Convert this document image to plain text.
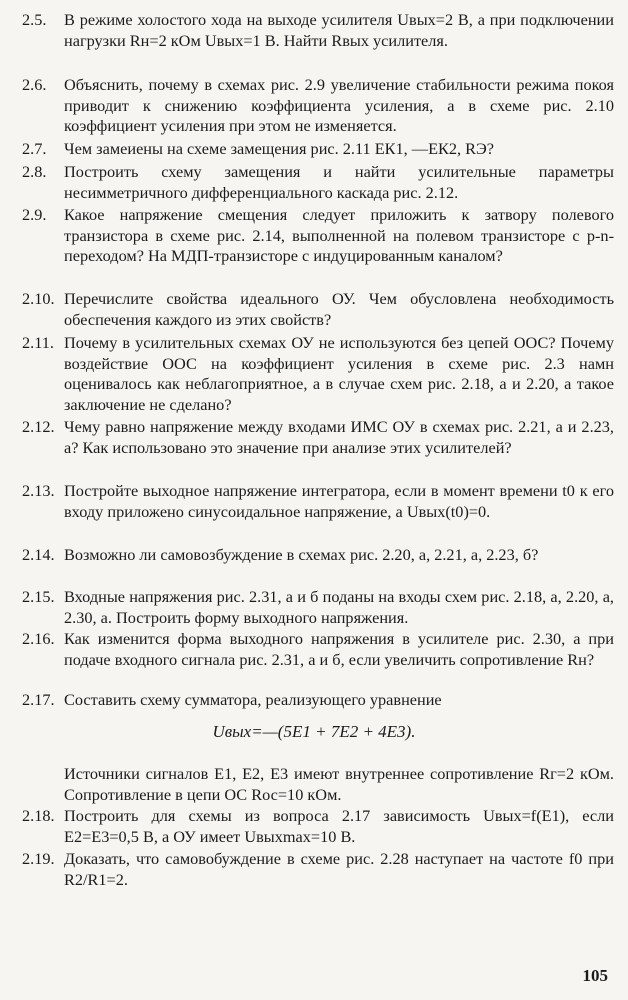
2.5.	В режиме холостого хода на выходе усилителя Uвых=2 В, а при подключении нагрузки Rн=2 кОм Uвых=1 В. Найти Rвых усилителя.
2.6.	Объяснить, почему в схемах рис. 2.9 увеличение стабильности режима покоя приводит к снижению коэффициента усиления, а в схеме рис. 2.10 коэффициент усиления при этом не изменяется.
2.7.	Чем замеиены на схеме замещения рис. 2.11 EК1, —EК2, RЭ?
2.8.	Построить схему замещения и найти усилительные параметры несимметричного дифференциального каскада рис. 2.12.
2.9.	Какое напряжение смещения следует приложить к затвору полевого транзистора в схеме рис. 2.14, выполненной на полевом транзисторе с p-n-переходом? На МДП-транзисторе с индуцированным каналом?
2.10. Перечислите свойства идеального ОУ. Чем обусловлена необходимость обеспечения каждого из этих свойств?
2.11. Почему в усилительных схемах ОУ не используются без цепей ООС? Почему воздействие ООС на коэффициент усиления в схеме рис. 2.3 намн оценивалось как неблагоприятное, а в случае схем рис. 2.18, а и 2.20, а такое заключение не сделано?
2.12. Чему равно напряжение между входами ИМС ОУ в схемах рис. 2.21, а и 2.23, а? Как использовано это значение при анализе этих усилителей?
2.13. Постройте выходное напряжение интегратора, если в момент времени t0 к его входу приложено синусоидальное напряжение, а Uвых(t0)=0.
2.14. Возможно ли самовозбуждение в схемах рис. 2.20, а, 2.21, а, 2.23, б?
2.15. Входные напряжения рис. 2.31, а и б поданы на входы схем рис. 2.18, а, 2.20, а, 2.30, а. Построить форму выходного напряжения.
2.16. Как изменится форма выходного напряжения в усилителе рис. 2.30, а при подаче входного сигнала рис. 2.31, а и б, если увеличить сопротивление Rн?
2.17. Составить схему сумматора, реализующего уравнение
Uвых=—(5E1 + 7E2 + 4E3).
Источники сигналов E1, E2, E3 имеют внутреннее сопротивление Rг=2 кОм. Сопротивление в цепи ОС Rос=10 кОм.
2.18. Построить для схемы из вопроса 2.17 зависимость Uвых=f(E1), если E2=E3=0,5 В, а ОУ имеет Uвыхmax=10 В.
2.19. Доказать, что самовобуждение в схеме рис. 2.28 наступает на частоте f0 при R2/R1=2.
105
